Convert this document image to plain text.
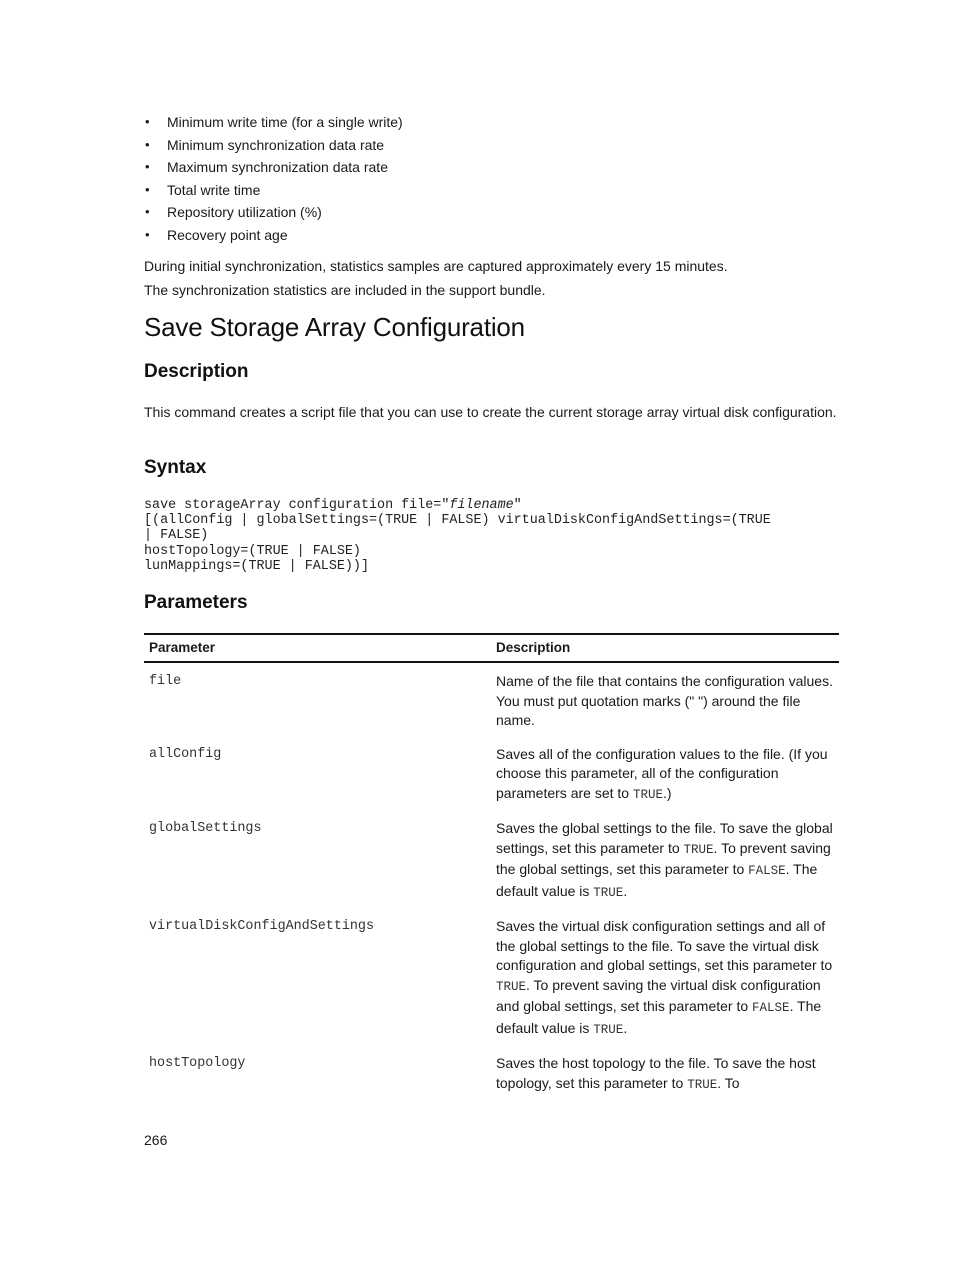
• Minimum write time (for a single write)
• Minimum synchronization data rate
• Maximum synchronization data rate
• Total write time
• Repository utilization (%)
• Recovery point age

During initial synchronization, statistics samples are captured approximately every 15 minutes.

The synchronization statistics are included in the support bundle.

Save Storage Array Configuration
Description

This command creates a script file that you can use to create the current storage array virtual disk configuration.

Syntax
save storageArray configuration file="filename"
[(allConfig | globalSettings=(TRUE | FALSE) virtualDiskConfigAndSettings=(TRUE
| FALSE)
hostTopology=(TRUE | FALSE)
lunMappings=(TRUE | FALSE))]
Parameters
Parameter	Description
file	Name of the file that contains the configuration values. You must put quotation marks (" ") around the file name.
allConfig	Saves all of the configuration values to the file. (If you choose this parameter, all of the configuration parameters are set to TRUE.)
globalSettings	Saves the global settings to the file. To save the global settings, set this parameter to TRUE. To prevent saving the global settings, set this parameter to FALSE. The default value is TRUE.
virtualDiskConfigAndSettings	Saves the virtual disk configuration settings and all of the global settings to the file. To save the virtual disk configuration and global settings, set this parameter to TRUE. To prevent saving the virtual disk configuration and global settings, set this parameter to FALSE. The default value is TRUE.
hostTopology	Saves the host topology to the file. To save the host topology, set this parameter to TRUE. To
266
